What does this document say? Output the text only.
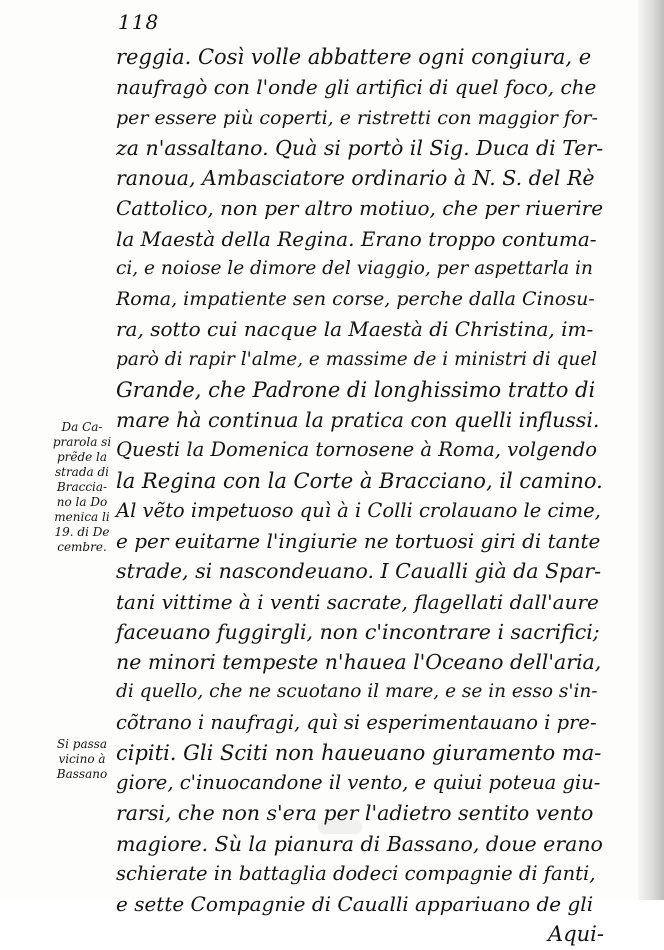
118
reggia. Così volle abbattere ogni congiura, e
naufragò con l'onde gli artifici di quel foco, che
per essere più coperti, e ristretti con maggior for-
za n'assaltano. Quà si portò il Sig. Duca di Ter-
ranoua, Ambasciatore ordinario à N. S. del Rè
Cattolico, non per altro motiuo, che per riuerire
la Maestà della Regina. Erano troppo contuma-
ci, e noiose le dimore del viaggio, per aspettarla in
Roma, impatiente sen corse, perche dalla Cinosu-
ra, sotto cui nacque la Maestà di Christina, im-
parò di rapir l'alme, e massime de i ministri di quel
Grande, che Padrone di longhissimo tratto di
mare hà continua la pratica con quelli influssi.
Questi la Domenica tornosene à Roma, volgendo
la Regina con la Corte à Bracciano, il camino.
Al vẽto impetuoso quì à i Colli crolauano le cime,
e per euitarne l'ingiurie ne tortuosi giri di tante
strade, si nascondeuano. I Caualli già da Spar-
tani vittime à i venti sacrate, flagellati dall'aure
faceuano fuggirgli, non c'incontrare i sacrifici;
ne minori tempeste n'hauea l'Oceano dell'aria,
di quello, che ne scuotano il mare, e se in esso s'in-
cõtrano i naufragi, quì si esperimentauano i pre-
cipiti. Gli Sciti non haueuano giuramento ma-
giore, c'inuocandone il vento, e quiui poteua giu-
rarsi, che non s'era per l'adietro sentito vento
magiore. Sù la pianura di Bassano, doue erano
schierate in battaglia dodeci compagnie di fanti,
e sette Compagnie di Caualli appariuano de gli
Aqui-
Da Ca-
prarola si
prẽde la
strada di
Braccia-
no la Do
menica li
19. di De
cembre.
Si passa
vicino à
Bassano
